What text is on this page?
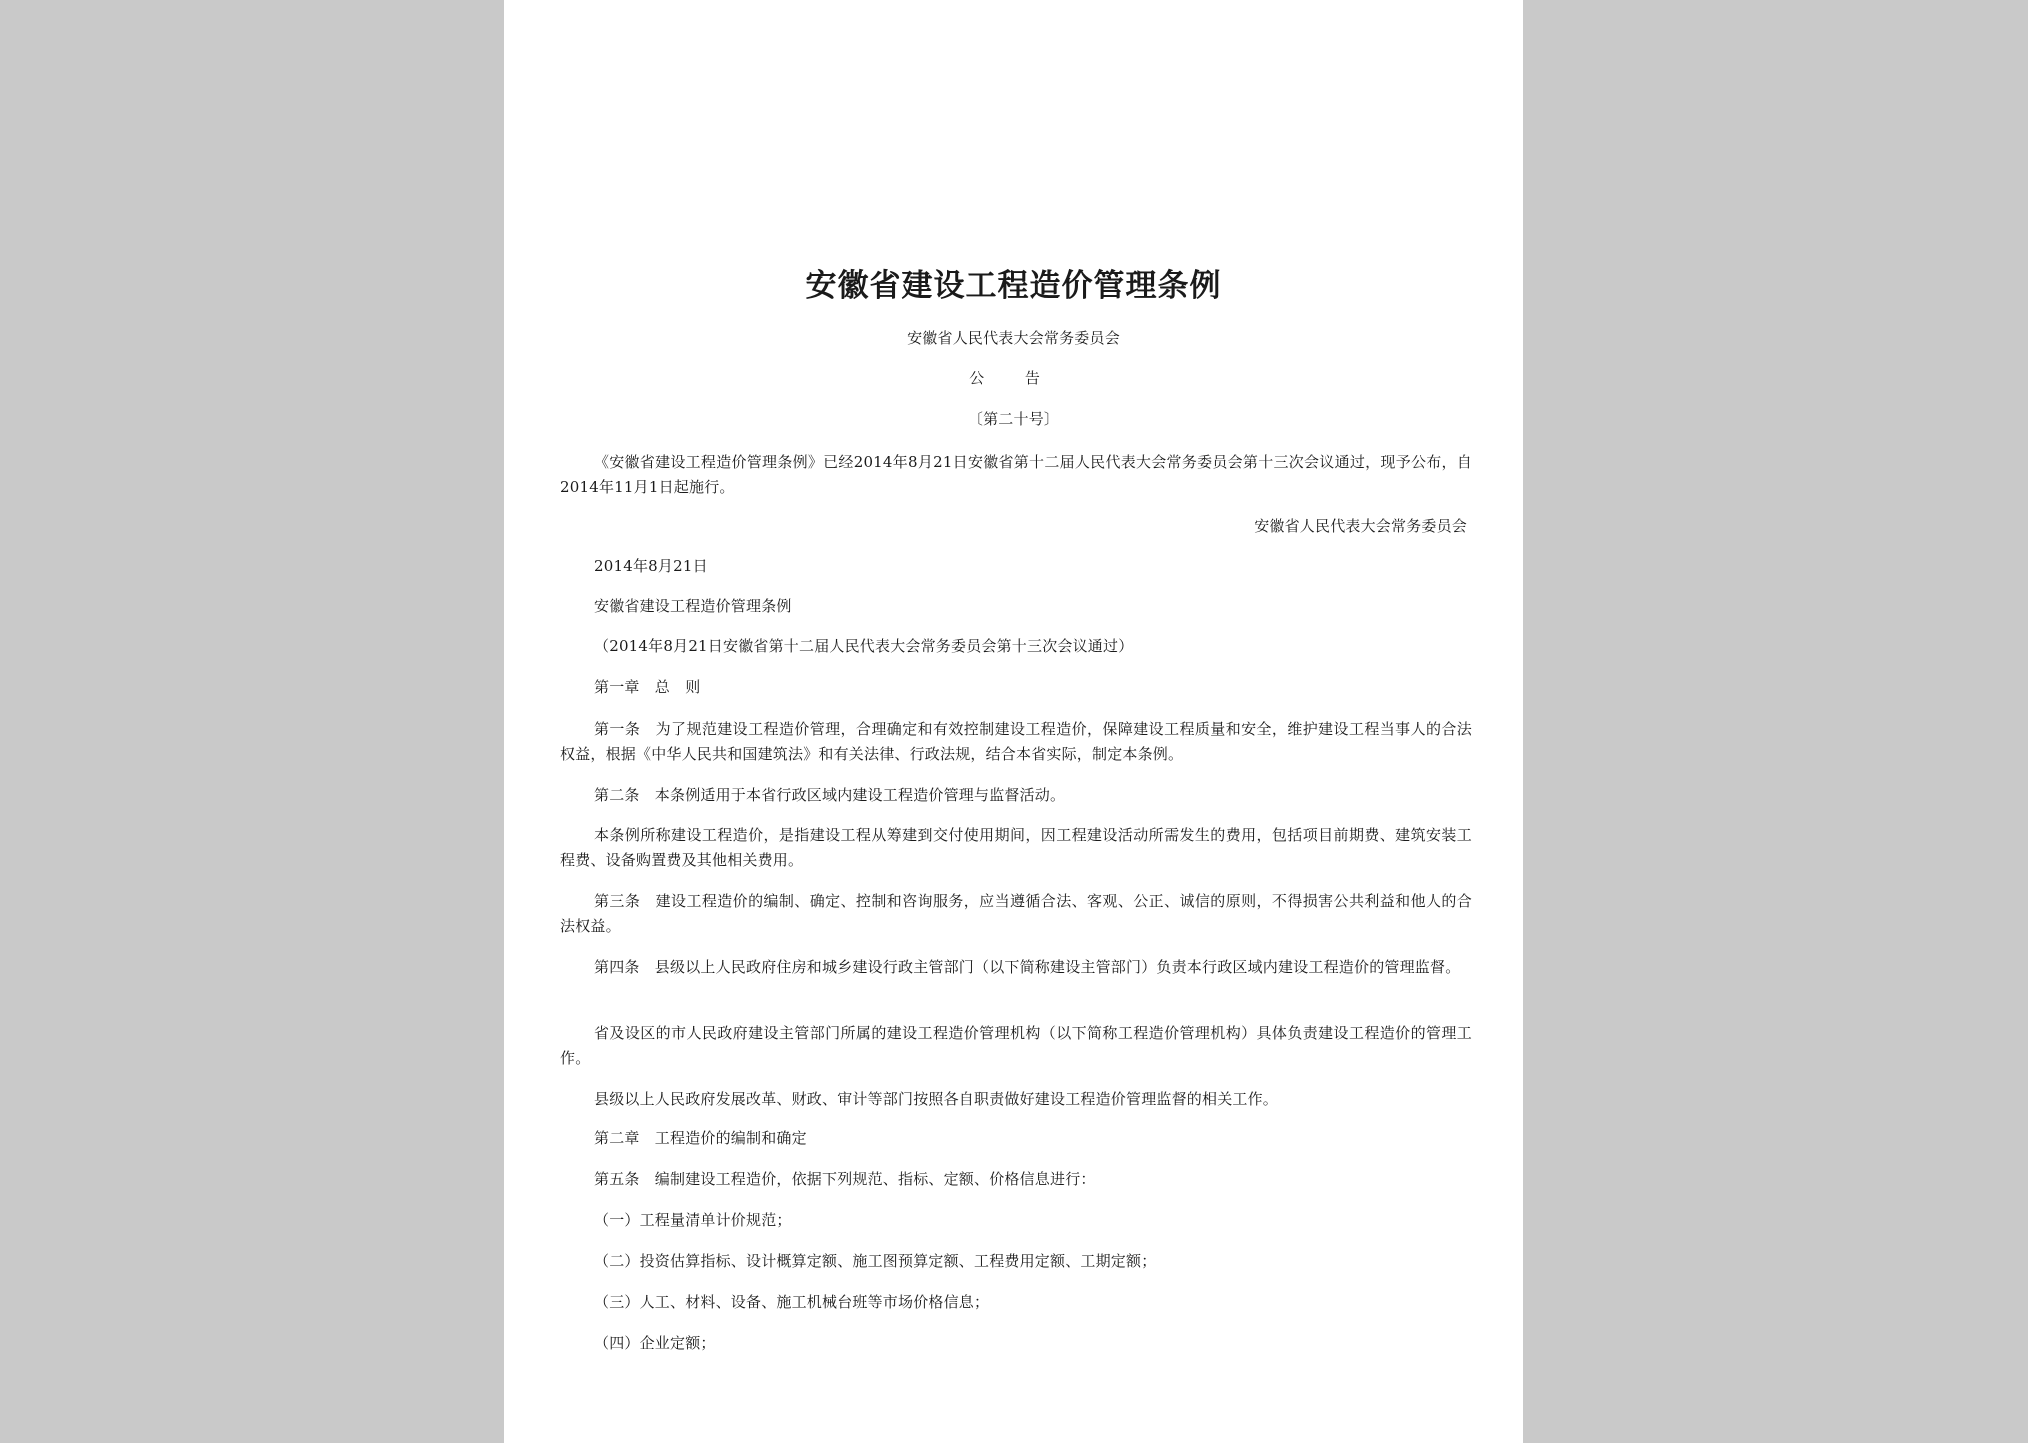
安徽省建设工程造价管理条例

安徽省人民代表大会常务委员会

公 告

〔第二十号〕

《安徽省建设工程造价管理条例》已经2014年8月21日安徽省第十二届人民代表大会常务委员会第十三次会议通过，现予公布，自2014年11月1日起施行。

安徽省人民代表大会常务委员会

2014年8月21日

安徽省建设工程造价管理条例

（2014年8月21日安徽省第十二届人民代表大会常务委员会第十三次会议通过）

第一章　总　则

第一条　为了规范建设工程造价管理，合理确定和有效控制建设工程造价，保障建设工程质量和安全，维护建设工程当事人的合法权益，根据《中华人民共和国建筑法》和有关法律、行政法规，结合本省实际，制定本条例。

第二条　本条例适用于本省行政区域内建设工程造价管理与监督活动。

本条例所称建设工程造价，是指建设工程从筹建到交付使用期间，因工程建设活动所需发生的费用，包括项目前期费、建筑安装工程费、设备购置费及其他相关费用。

第三条　建设工程造价的编制、确定、控制和咨询服务，应当遵循合法、客观、公正、诚信的原则，不得损害公共利益和他人的合法权益。

第四条　县级以上人民政府住房和城乡建设行政主管部门（以下简称建设主管部门）负责本行政区域内建设工程造价的管理监督。

省及设区的市人民政府建设主管部门所属的建设工程造价管理机构（以下简称工程造价管理机构）具体负责建设工程造价的管理工作。

县级以上人民政府发展改革、财政、审计等部门按照各自职责做好建设工程造价管理监督的相关工作。

第二章　工程造价的编制和确定

第五条　编制建设工程造价，依据下列规范、指标、定额、价格信息进行：

（一）工程量清单计价规范；

（二）投资估算指标、设计概算定额、施工图预算定额、工程费用定额、工期定额；

（三）人工、材料、设备、施工机械台班等市场价格信息；

（四）企业定额；
